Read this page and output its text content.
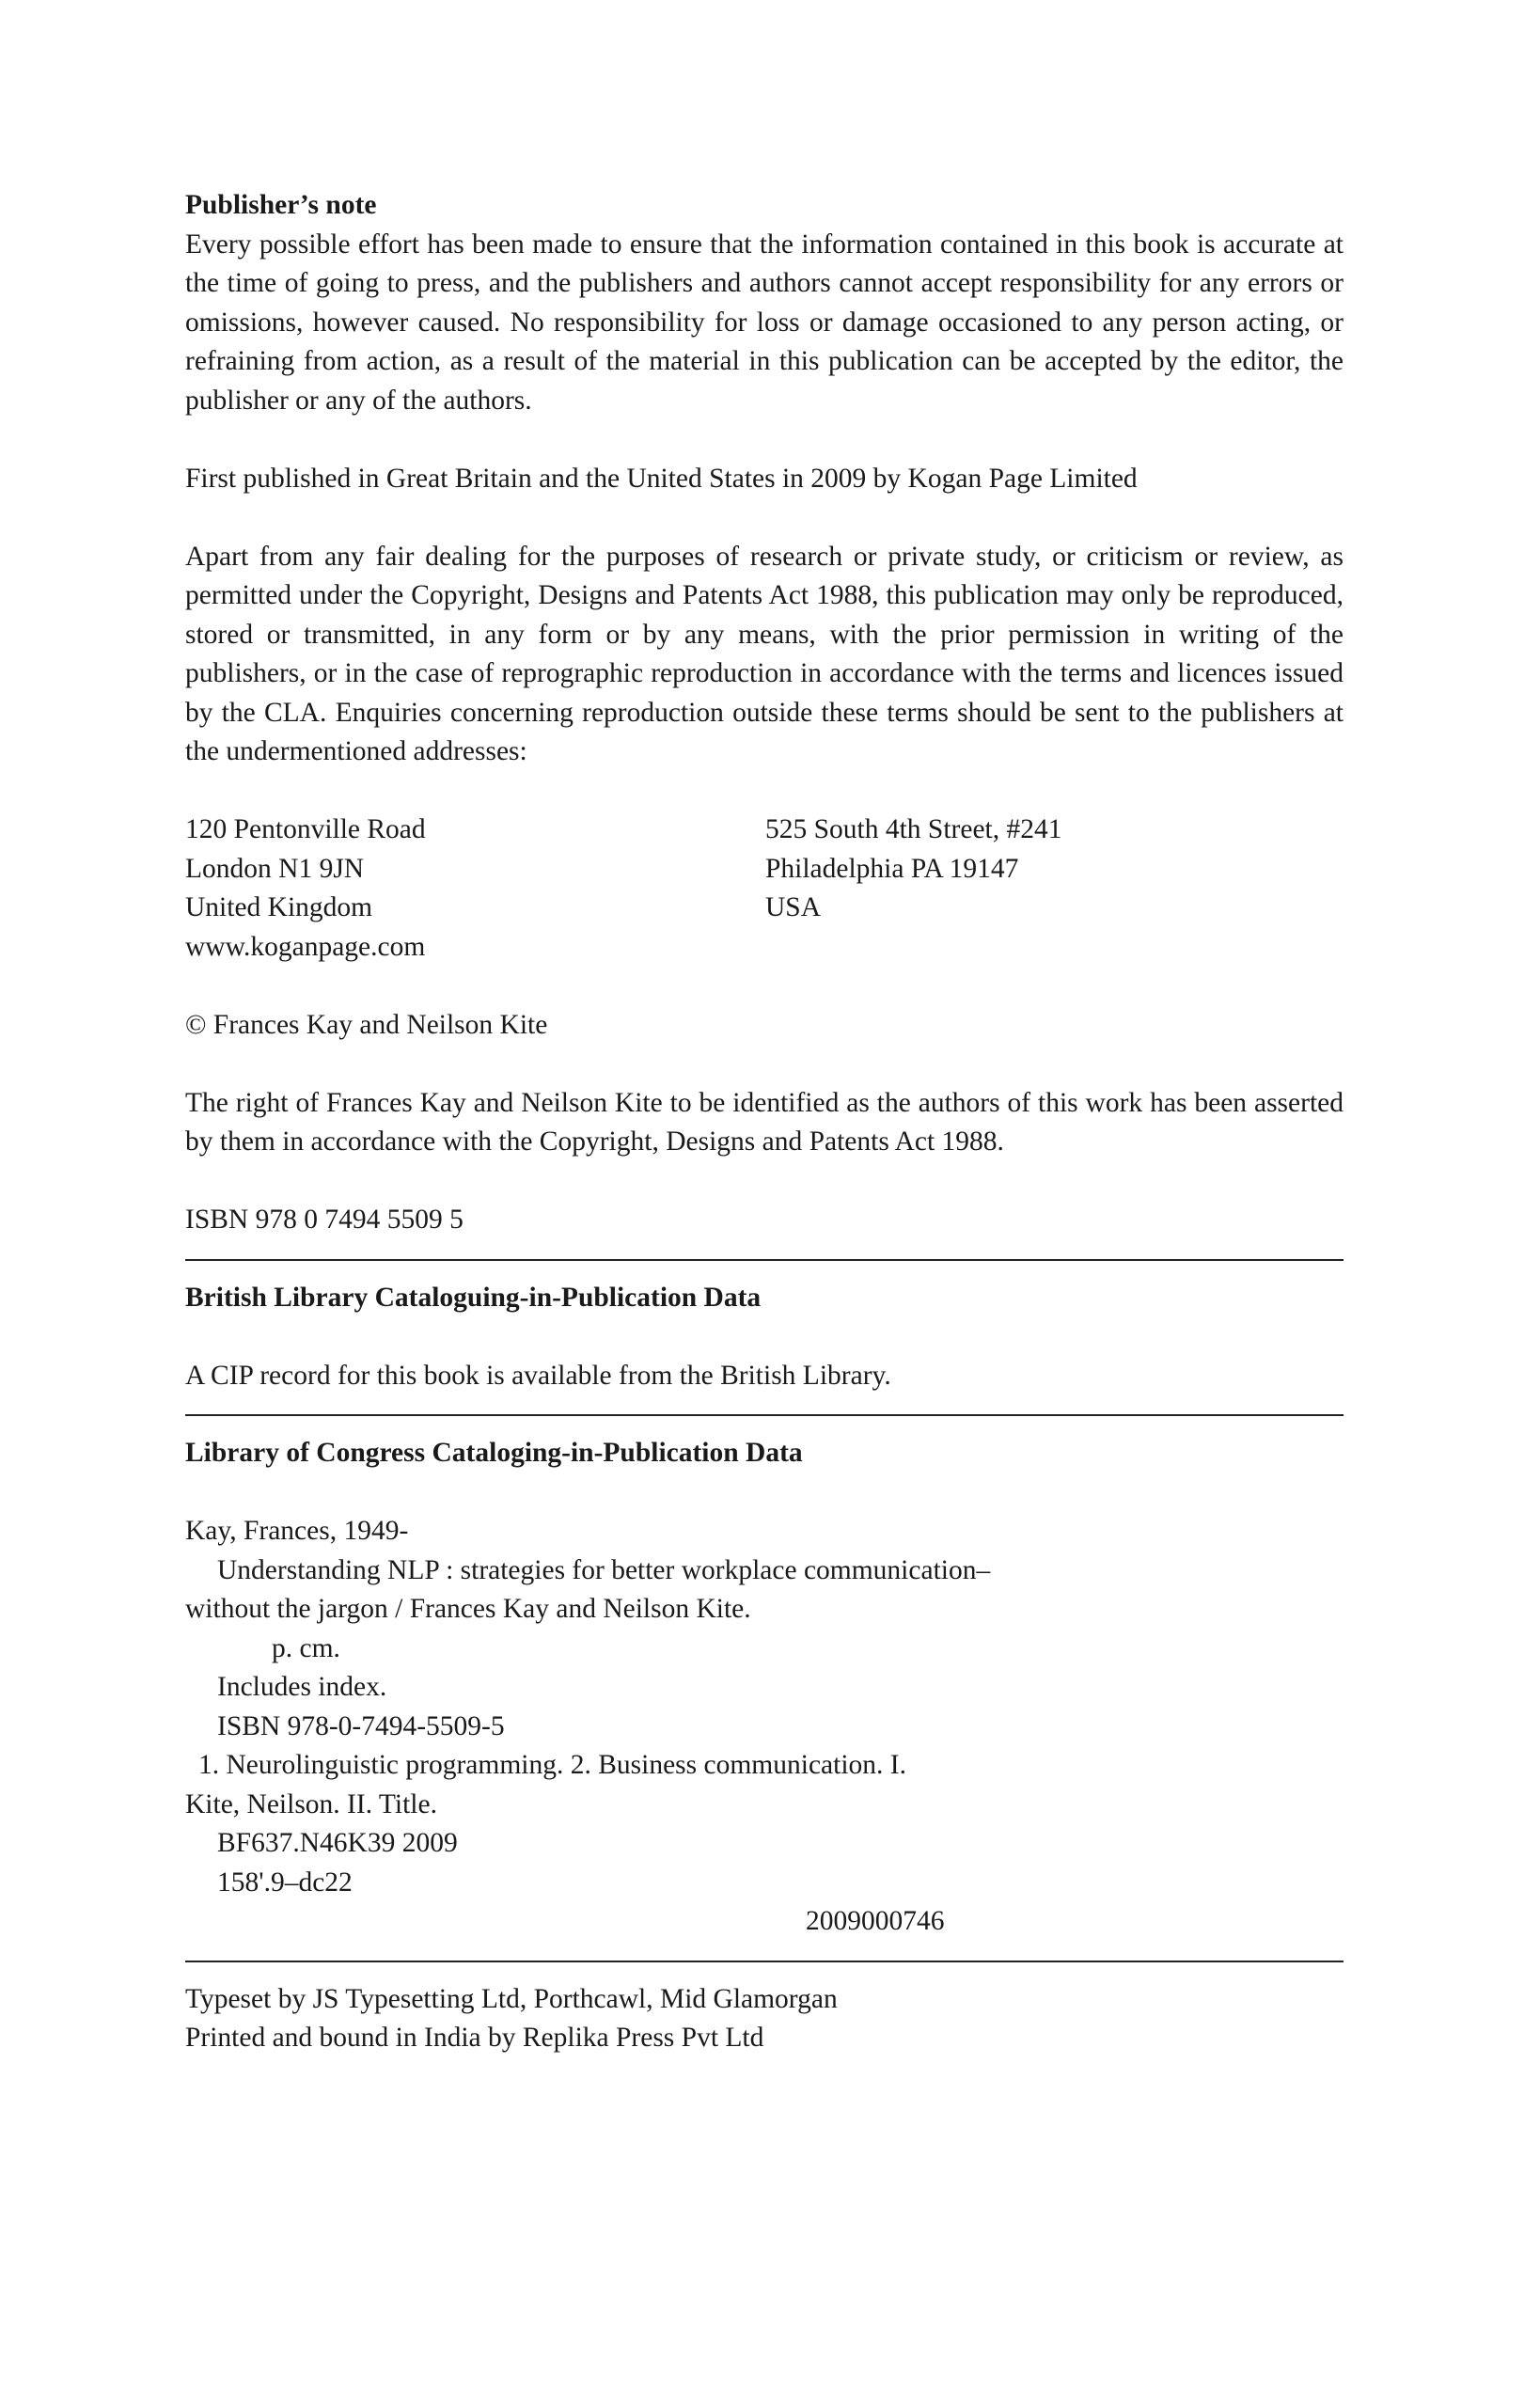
Publisher’s note

Every possible effort has been made to ensure that the information contained in this book is accurate at the time of going to press, and the publishers and authors cannot accept responsibility for any errors or omissions, however caused. No responsibility for loss or damage occasioned to any person acting, or refraining from action, as a result of the material in this publication can be accepted by the editor, the publisher or any of the authors.

First published in Great Britain and the United States in 2009 by Kogan Page Limited

Apart from any fair dealing for the purposes of research or private study, or criticism or review, as permitted under the Copyright, Designs and Patents Act 1988, this publication may only be reproduced, stored or transmitted, in any form or by any means, with the prior permission in writing of the publishers, or in the case of reprographic reproduction in accordance with the terms and licences issued by the CLA. Enquiries concerning reproduction outside these terms should be sent to the publishers at the undermentioned addresses:

120 Pentonville Road
London N1 9JN
United Kingdom
www.koganpage.com
525 South 4th Street, #241
Philadelphia PA 19147
USA
© Frances Kay and Neilson Kite

The right of Frances Kay and Neilson Kite to be identified as the authors of this work has been asserted by them in accordance with the Copyright, Designs and Patents Act 1988.

ISBN 978 0 7494 5509 5
British Library Cataloguing-in-Publication Data
A CIP record for this book is available from the British Library.
Library of Congress Cataloging-in-Publication Data
Kay, Frances, 1949-
Understanding NLP : strategies for better workplace communication–
without the jargon / Frances Kay and Neilson Kite.
p. cm.
Includes index.
ISBN 978-0-7494-5509-5
1. Neurolinguistic programming. 2. Business communication. I.
Kite, Neilson. II. Title.
BF637.N46K39 2009
158'.9–dc22
2009000746
Typeset by JS Typesetting Ltd, Porthcawl, Mid Glamorgan
Printed and bound in India by Replika Press Pvt Ltd
